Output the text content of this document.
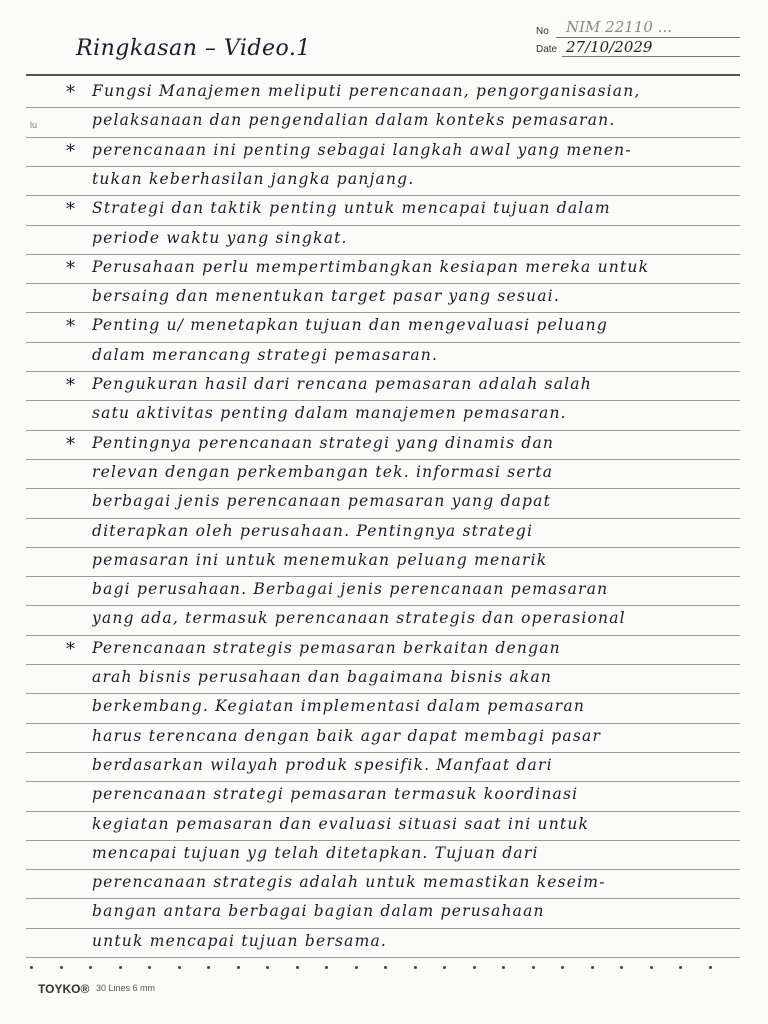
No NIM 22110 ...
Date 27/10/2029
Ringkasan – Video.1
lu
TOYKO® 30 Lines 6 mm
Fungsi Manajemen meliputi perencanaan, pengorganisasian,
*
pelaksanaan dan pengendalian dalam konteks pemasaran.
perencanaan ini penting sebagai langkah awal yang menen-
*
tukan keberhasilan jangka panjang.
Strategi dan taktik penting untuk mencapai tujuan dalam
*
periode waktu yang singkat.
Perusahaan perlu mempertimbangkan kesiapan mereka untuk
*
bersaing dan menentukan target pasar yang sesuai.
Penting u/ menetapkan tujuan dan mengevaluasi peluang
*
dalam merancang strategi pemasaran.
Pengukuran hasil dari rencana pemasaran adalah salah
*
satu aktivitas penting dalam manajemen pemasaran.
Pentingnya perencanaan strategi yang dinamis dan
*
relevan dengan perkembangan tek. informasi serta
berbagai jenis perencanaan pemasaran yang dapat
diterapkan oleh perusahaan. Pentingnya strategi
pemasaran ini untuk menemukan peluang menarik
bagi perusahaan. Berbagai jenis perencanaan pemasaran
yang ada, termasuk perencanaan strategis dan operasional
Perencanaan strategis pemasaran berkaitan dengan
*
arah bisnis perusahaan dan bagaimana bisnis akan
berkembang. Kegiatan implementasi dalam pemasaran
harus terencana dengan baik agar dapat membagi pasar
berdasarkan wilayah produk spesifik. Manfaat dari
perencanaan strategi pemasaran termasuk koordinasi
kegiatan pemasaran dan evaluasi situasi saat ini untuk
mencapai tujuan yg telah ditetapkan. Tujuan dari
perencanaan strategis adalah untuk memastikan keseim-
bangan antara berbagai bagian dalam perusahaan
untuk mencapai tujuan bersama.
